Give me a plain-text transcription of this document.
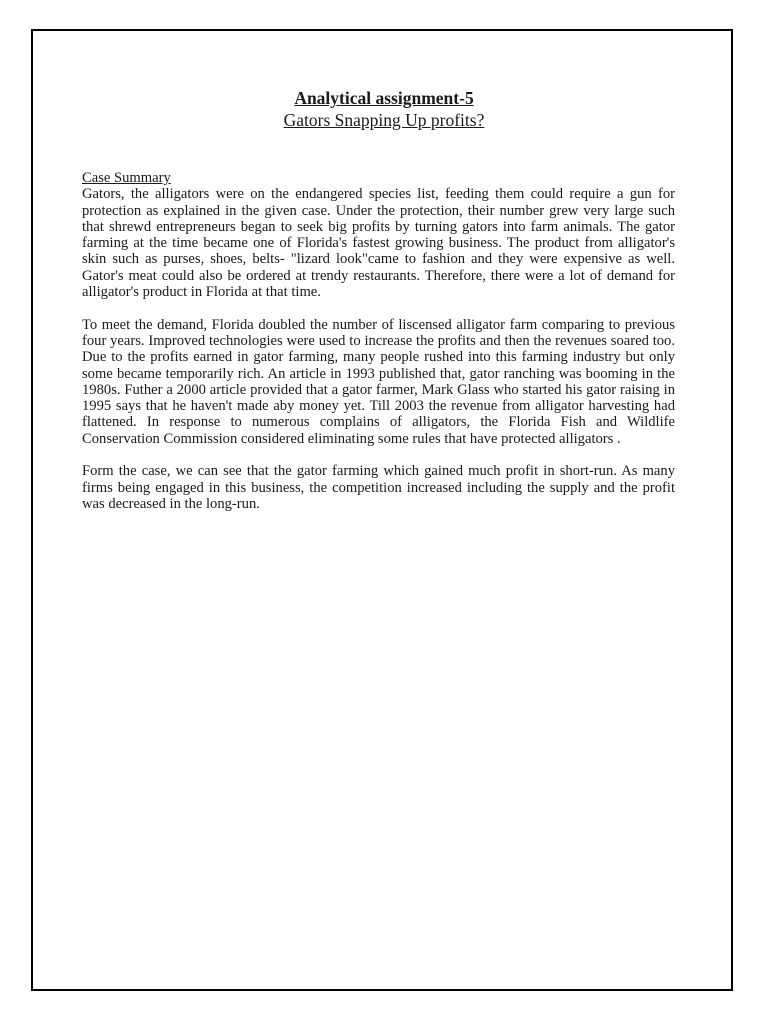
Analytical assignment-5
Gators Snapping Up profits?

Case Summary

Gators, the alligators were on the endangered species list, feeding them could require a gun for protection as explained in the given case. Under the protection, their number grew very large such that shrewd entrepreneurs began to seek big profits by turning gators into farm animals. The gator farming at the time became one of Florida's fastest growing business. The product from alligator's skin such as purses, shoes, belts- "lizard look"came to fashion and they were expensive as well. Gator's meat could also be ordered at trendy restaurants. Therefore, there were a lot of demand for alligator's product in Florida at that time.

To meet the demand, Florida doubled the number of liscensed alligator farm comparing to previous four years. Improved technologies were used to increase the profits and then the revenues soared too. Due to the profits earned in gator farming, many people rushed into this farming industry but only some became temporarily rich. An article in 1993 published that, gator ranching was booming in the 1980s. Futher a 2000 article provided that a gator farmer, Mark Glass who started his gator raising in 1995 says that he haven't made aby money yet. Till 2003 the revenue from alligator harvesting had flattened. In response to numerous complains of alligators, the Florida Fish and Wildlife Conservation Commission considered eliminating some rules that have protected alligators .

Form the case, we can see that the gator farming which gained much profit in short-run. As many firms being engaged in this business, the competition increased including the supply and the profit was decreased in the long-run.
